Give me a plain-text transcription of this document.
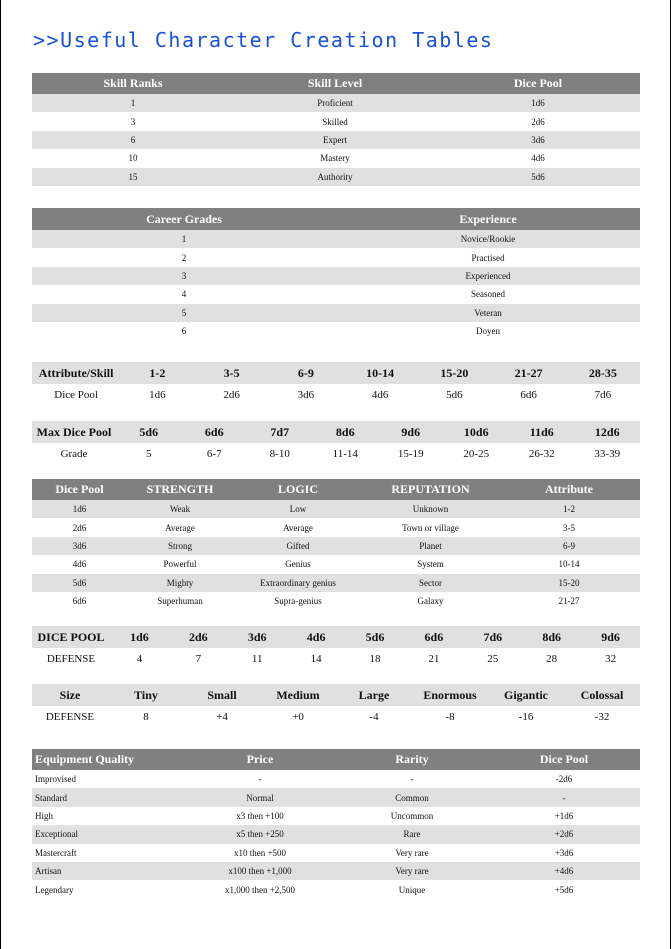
>>Useful Character Creation Tables
Skill Ranks	Skill Level	Dice Pool
1	Proficient	1d6
3	Skilled	2d6
6	Expert	3d6
10	Mastery	4d6
15	Authority	5d6
Career Grades	Experience
1	Novice/Rookie
2	Practised
3	Experienced
4	Seasoned
5	Veteran
6	Doyen
Attribute/Skill	1-2	3-5	6-9	10-14	15-20	21-27	28-35
Dice Pool	1d6	2d6	3d6	4d6	5d6	6d6	7d6
Max Dice Pool	5d6	6d6	7d7	8d6	9d6	10d6	11d6	12d6
Grade	5	6-7	8-10	11-14	15-19	20-25	26-32	33-39
Dice Pool	STRENGTH	LOGIC	REPUTATION	Attribute
1d6	Weak	Low	Unknown	1-2
2d6	Average	Average	Town or village	3-5
3d6	Strong	Gifted	Planet	6-9
4d6	Powerful	Genius	System	10-14
5d6	Mighty	Extraordinary genius	Sector	15-20
6d6	Superhuman	Supra-genius	Galaxy	21-27
DICE POOL	1d6	2d6	3d6	4d6	5d6	6d6	7d6	8d6	9d6
DEFENSE	4	7	11	14	18	21	25	28	32
Size	Tiny	Small	Medium	Large	Enormous	Gigantic	Colossal
DEFENSE	8	+4	+0	-4	-8	-16	-32
Equipment Quality	Price	Rarity	Dice Pool
Improvised	-	-	-2d6
Standard	Normal	Common	-
High	x3 then +100	Uncommon	+1d6
Exceptional	x5 then +250	Rare	+2d6
Mastercraft	x10 then +500	Very rare	+3d6
Artisan	x100 then +1,000	Very rare	+4d6
Legendary	x1,000 then +2,500	Unique	+5d6
